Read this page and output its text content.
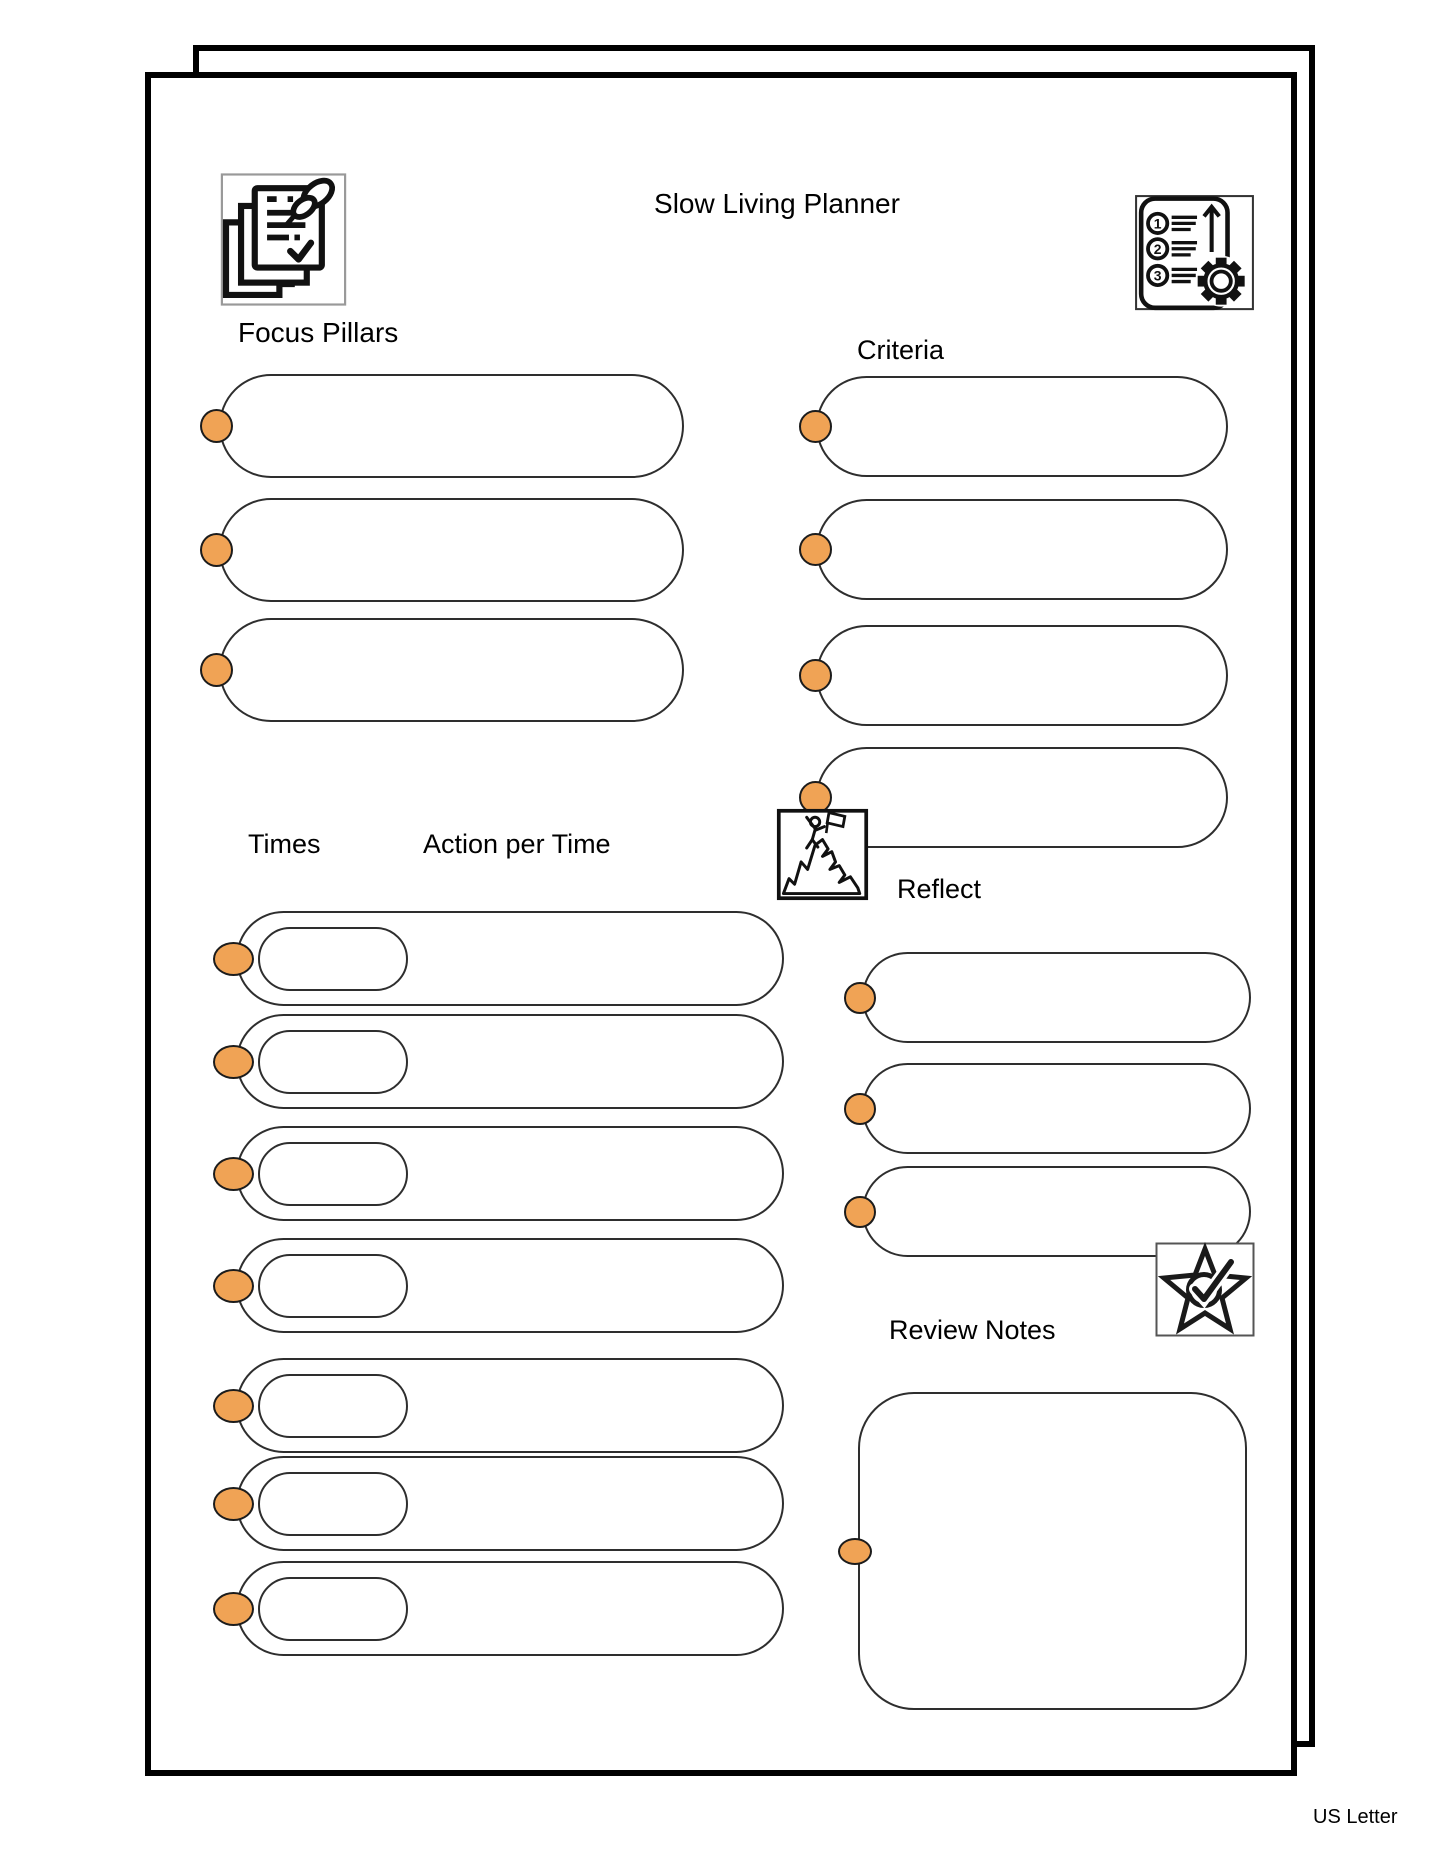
Slow Living Planner
1
2
3
Focus Pillars
Criteria
Times	Action per Time
Reflect
Review Notes
US Letter
